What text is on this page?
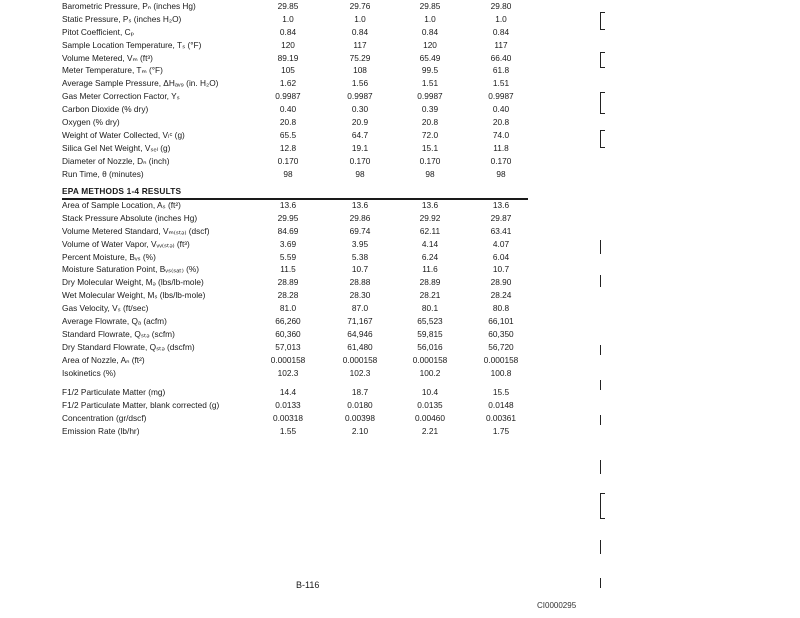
Barometric Pressure, Pₙ (inches Hg)	29.85	29.76	29.85	29.80
Static Pressure, Pₛ (inches H₂O)	1.0	1.0	1.0	1.0
Pitot Coefficient, Cₚ	0.84	0.84	0.84	0.84
Sample Location Temperature, Tₛ (°F)	120	117	120	117
Volume Metered, Vₘ (ft³)	89.19	75.29	65.49	66.40
Meter Temperature, Tₘ (°F)	105	108	99.5	61.8
Average Sample Pressure, ΔHₐᵥ₉ (in. H₂O)	1.62	1.56	1.51	1.51
Gas Meter Correction Factor, Yₛ	0.9987	0.9987	0.9987	0.9987
Carbon Dioxide (% dry)	0.40	0.30	0.39	0.40
Oxygen (% dry)	20.8	20.9	20.8	20.8
Weight of Water Collected, Vₗᶜ (g)	65.5	64.7	72.0	74.0
Silica Gel Net Weight, Vₛₑₗ (g)	12.8	19.1	15.1	11.8
Diameter of Nozzle, Dₙ (inch)	0.170	0.170	0.170	0.170
Run Time, θ (minutes)	98	98	98	98
EPA METHODS 1-4 RESULTS
Area of Sample Location, Aₛ (ft²)	13.6	13.6	13.6	13.6
Stack Pressure Absolute (inches Hg)	29.95	29.86	29.92	29.87
Volume Metered Standard, Vₘ₍ₛₜₔ₎ (dscf)	84.69	69.74	62.11	63.41
Volume of Water Vapor, Vᵥᵥ₍ₛₜₔ₎ (ft³)	3.69	3.95	4.14	4.07
Percent Moisture, Bᵥₛ (%)	5.59	5.38	6.24	6.04
Moisture Saturation Point, Bᵥₛ₍ₛₐₜ₎ (%)	11.5	10.7	11.6	10.7
Dry Molecular Weight, Mₔ (lbs/lb-mole)	28.89	28.88	28.89	28.90
Wet Molecular Weight, Mₛ (lbs/lb-mole)	28.28	28.30	28.21	28.24
Gas Velocity, Vₛ (ft/sec)	81.0	87.0	80.1	80.8
Average Flowrate, Qₐ (acfm)	66,260	71,167	65,523	66,101
Standard Flowrate, Qₛₜₔ (scfm)	60,360	64,946	59,815	60,350
Dry Standard Flowrate, Qₛₜₔ (dscfm)	57,013	61,480	56,016	56,720
Area of Nozzle, Aₙ (ft²)	0.000158	0.000158	0.000158	0.000158
Isokinetics (%)	102.3	102.3	100.2	100.8
F1/2 Particulate Matter (mg)	14.4	18.7	10.4	15.5
F1/2 Particulate Matter, blank corrected (g)	0.0133	0.0180	0.0135	0.0148
Concentration (gr/dscf)	0.00318	0.00398	0.00460	0.00361
Emission Rate (lb/hr)	1.55	2.10	2.21	1.75
B-116
CI0000295
